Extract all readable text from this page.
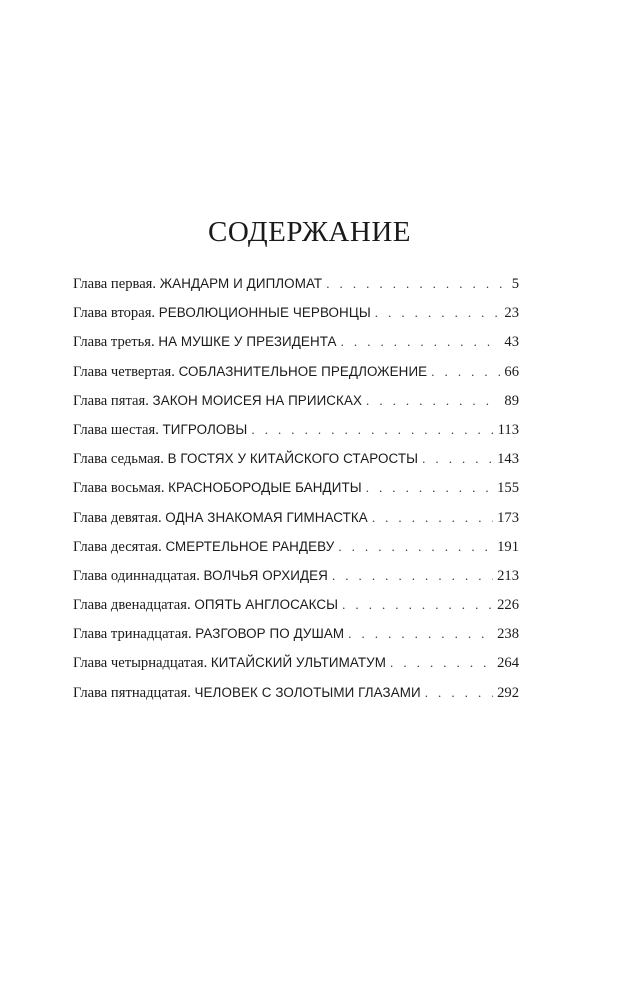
СОДЕРЖАНИЕ
Глава первая. ЖАНДАРМ И ДИПЛОМАТ . . .	5
Глава вторая. РЕВОЛЮЦИОННЫЕ ЧЕРВОНЦЫ . . .	23
Глава третья. НА МУШКЕ У ПРЕЗИДЕНТА . . .	43
Глава четвертая. СОБЛАЗНИТЕЛЬНОЕ ПРЕДЛОЖЕНИЕ . . .	66
Глава пятая. ЗАКОН МОИСЕЯ НА ПРИИСКАХ . . .	89
Глава шестая. ТИГРОЛОВЫ . . .	113
Глава седьмая. В ГОСТЯХ У КИТАЙСКОГО СТАРОСТЫ . . .	143
Глава восьмая. КРАСНОБОРОДЫЕ БАНДИТЫ . . .	155
Глава девятая. ОДНА ЗНАКОМАЯ ГИМНАСТКА . . .	173
Глава десятая. СМЕРТЕЛЬНОЕ РАНДЕВУ . . .	191
Глава одиннадцатая. ВОЛЧЬЯ ОРХИДЕЯ . . .	213
Глава двенадцатая. ОПЯТЬ АНГЛОСАКСЫ . . .	226
Глава тринадцатая. РАЗГОВОР ПО ДУШАМ . . .	238
Глава четырнадцатая. КИТАЙСКИЙ УЛЬТИМАТУМ . . .	264
Глава пятнадцатая. ЧЕЛОВЕК С ЗОЛОТЫМИ ГЛАЗАМИ . . .	292
